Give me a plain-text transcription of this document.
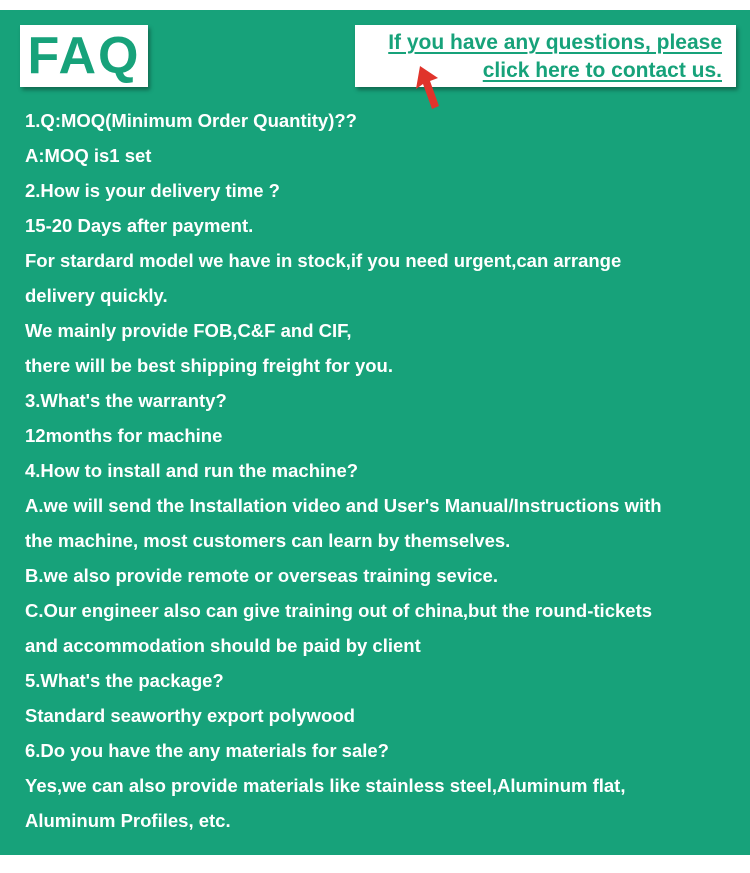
FAQ	If you have any questions, please
click here to contact us.
1.Q:MOQ(Minimum Order Quantity)??
A:MOQ is1 set
2.How is your delivery time ?
15-20 Days after payment.
For stardard model we have in stock,if you need urgent,can arrange
delivery quickly.
We mainly provide FOB,C&F and CIF,
there will be best shipping freight for you.
3.What's the warranty?
12months for machine
4.How to install and run the machine?
A.we will send the Installation video and User's Manual/Instructions with
the machine, most customers can learn by themselves.
B.we also provide remote or overseas training sevice.
C.Our engineer also can give training out of china,but the round-tickets
and accommodation should be paid by client
5.What's the package?
Standard seaworthy export polywood
6.Do you have the any materials for sale?
Yes,we can also provide materials like stainless steel,Aluminum flat,
Aluminum Profiles, etc.
